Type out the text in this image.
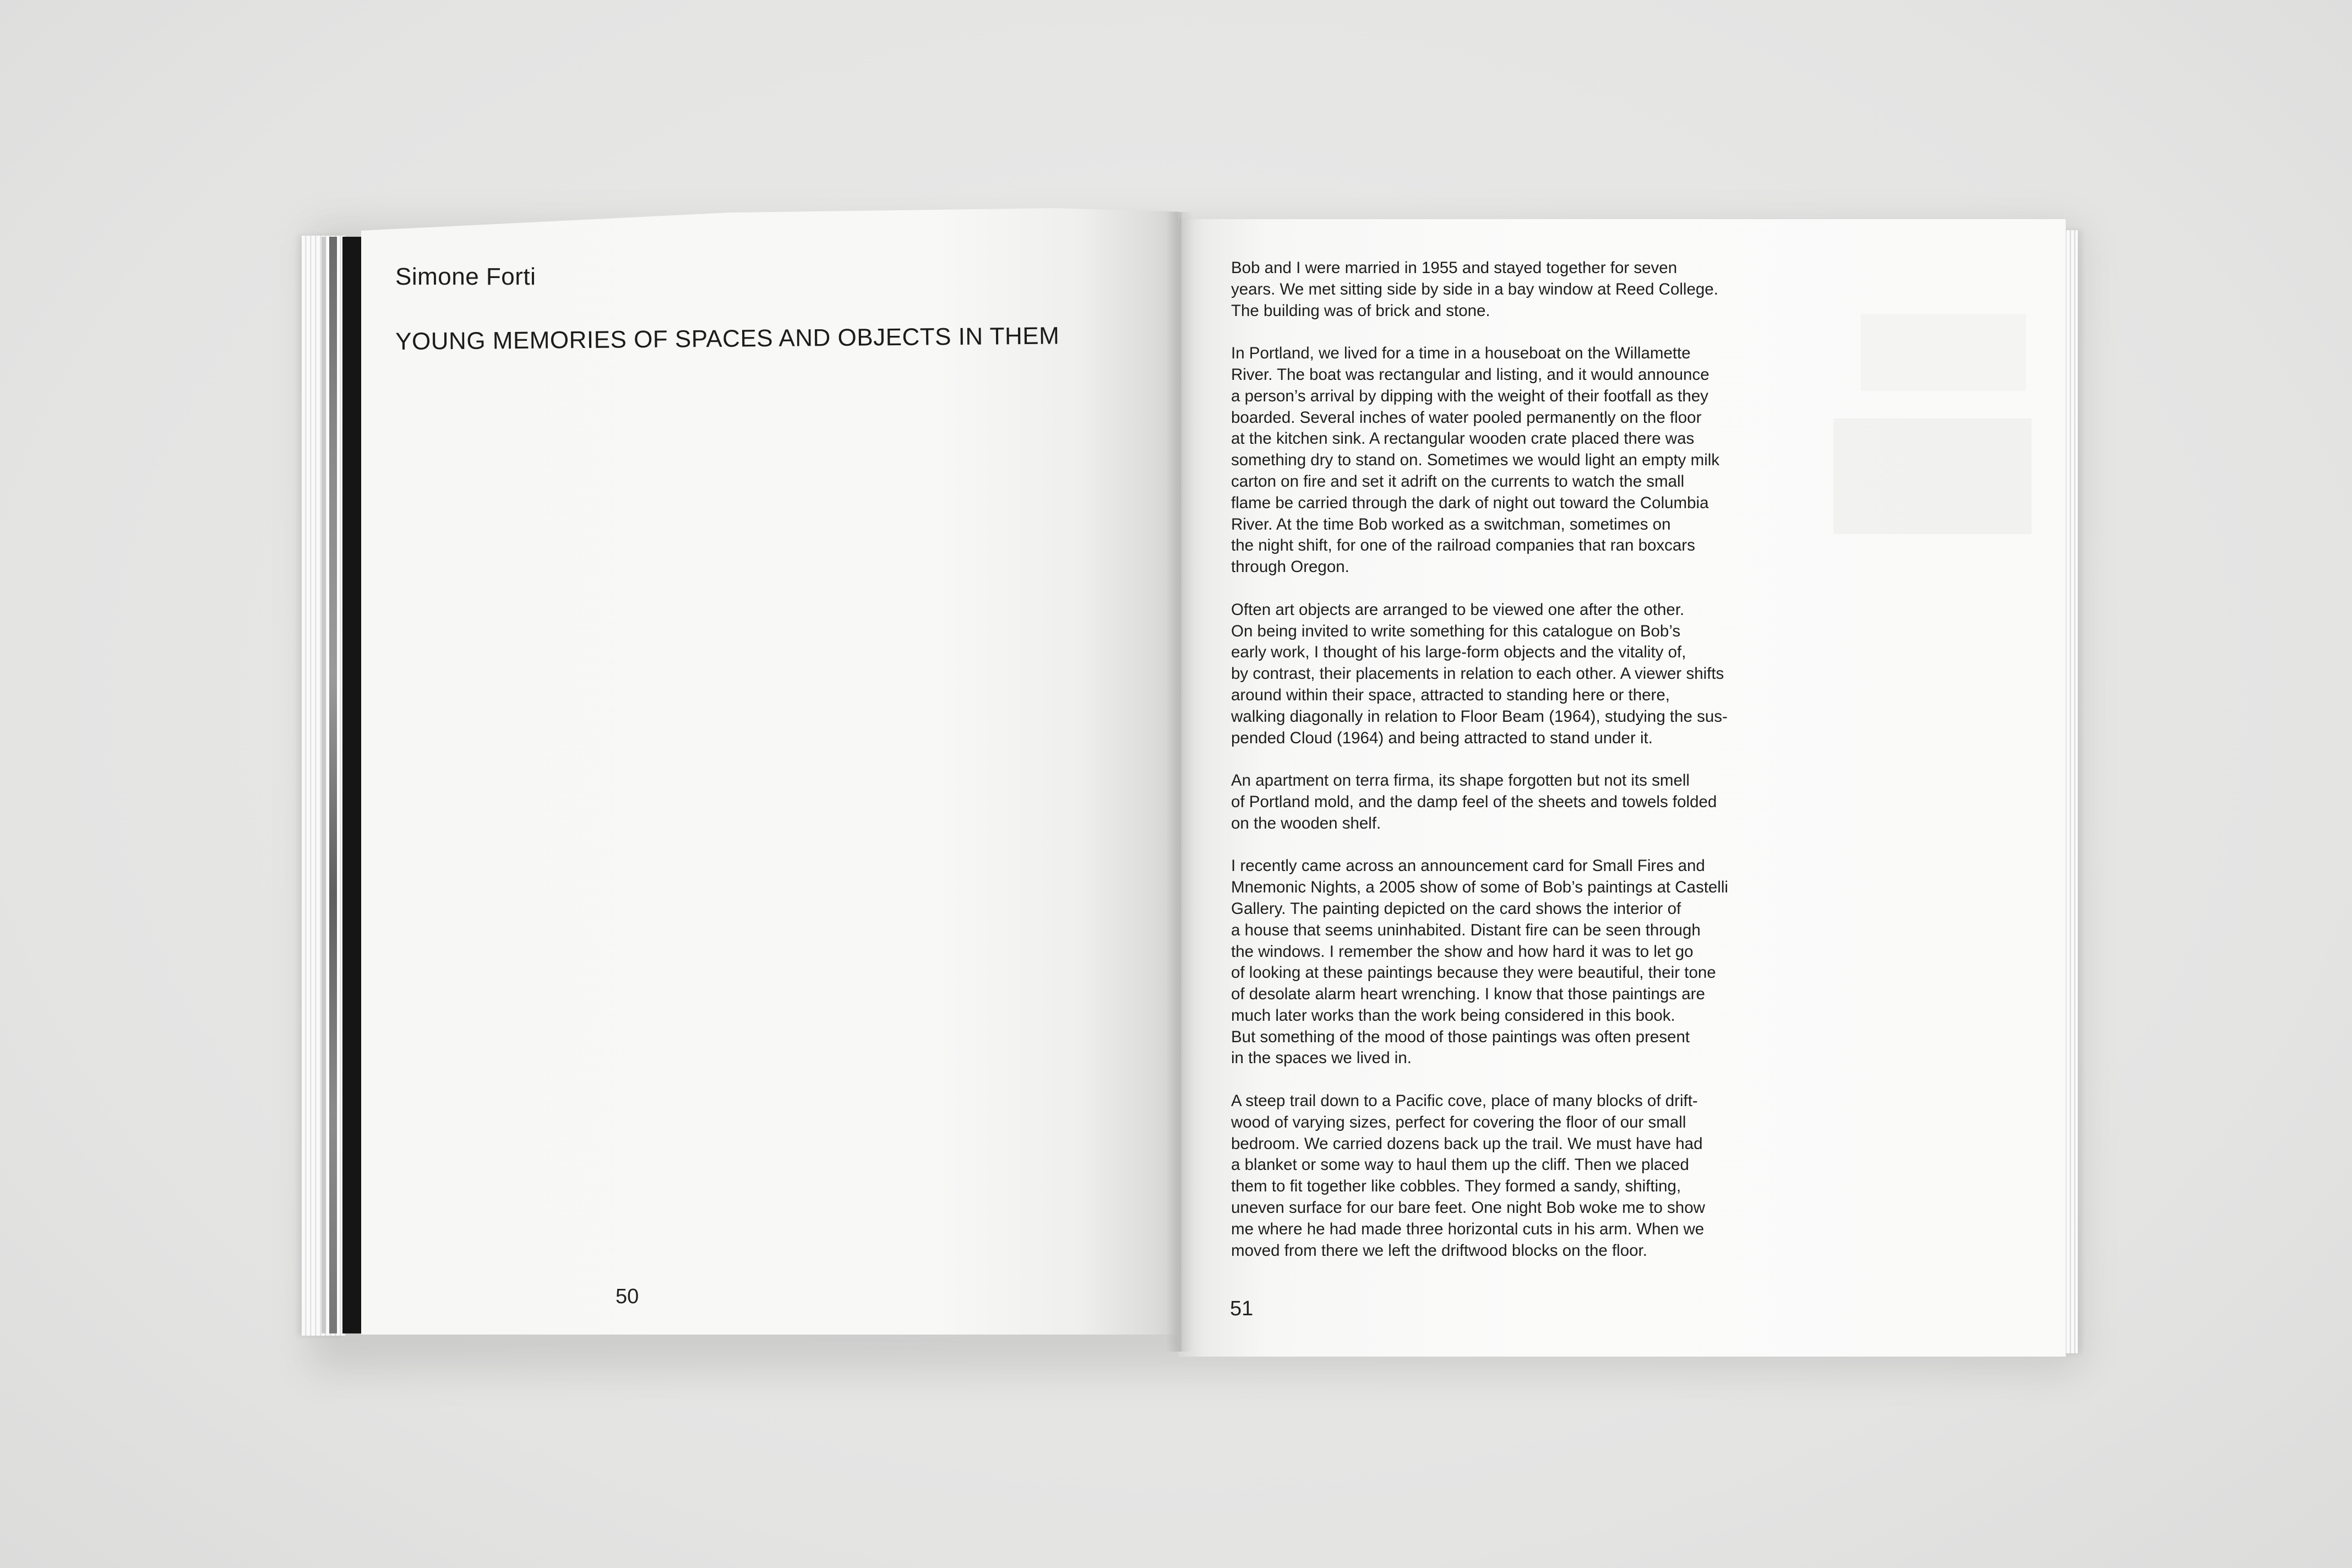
Simone Forti
YOUNG MEMORIES OF SPACES AND OBJECTS IN THEM
50
Bob and I were married in 1955 and stayed together for seven
years. We met sitting side by side in a bay window at Reed College.
The building was of brick and stone.
In Portland, we lived for a time in a houseboat on the Willamette
River. The boat was rectangular and listing, and it would announce
a person’s arrival by dipping with the weight of their footfall as they
boarded. Several inches of water pooled permanently on the floor
at the kitchen sink. A rectangular wooden crate placed there was
something dry to stand on. Sometimes we would light an empty milk
carton on fire and set it adrift on the currents to watch the small
flame be carried through the dark of night out toward the Columbia
River. At the time Bob worked as a switchman, sometimes on
the night shift, for one of the railroad companies that ran boxcars
through Oregon.
Often art objects are arranged to be viewed one after the other.
On being invited to write something for this catalogue on Bob’s
early work, I thought of his large-form objects and the vitality of,
by contrast, their placements in relation to each other. A viewer shifts
around within their space, attracted to standing here or there,
walking diagonally in relation to Floor Beam (1964), studying the sus-
pended Cloud (1964) and being attracted to stand under it.
An apartment on terra firma, its shape forgotten but not its smell
of Portland mold, and the damp feel of the sheets and towels folded
on the wooden shelf.
I recently came across an announcement card for Small Fires and
Mnemonic Nights, a 2005 show of some of Bob’s paintings at Castelli
Gallery. The painting depicted on the card shows the interior of
a house that seems uninhabited. Distant fire can be seen through
the windows. I remember the show and how hard it was to let go
of looking at these paintings because they were beautiful, their tone
of desolate alarm heart wrenching. I know that those paintings are
much later works than the work being considered in this book.
But something of the mood of those paintings was often present
in the spaces we lived in.
A steep trail down to a Pacific cove, place of many blocks of drift-
wood of varying sizes, perfect for covering the floor of our small
bedroom. We carried dozens back up the trail. We must have had
a blanket or some way to haul them up the cliff. Then we placed
them to fit together like cobbles. They formed a sandy, shifting,
uneven surface for our bare feet. One night Bob woke me to show
me where he had made three horizontal cuts in his arm. When we
moved from there we left the driftwood blocks on the floor.
51
